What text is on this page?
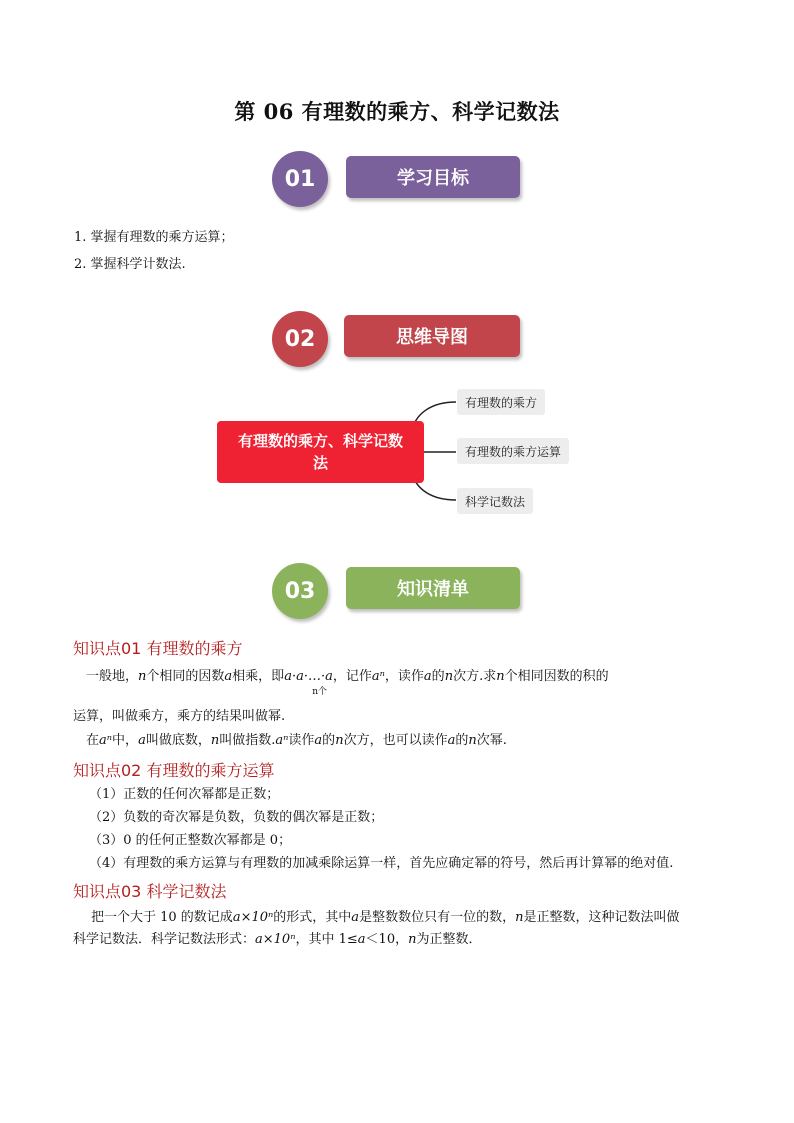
第 06 有理数的乘方、科学记数法
学习目标
01
1. 掌握有理数的乘方运算；
2. 掌握科学计数法.
思维导图
02
有理数的乘方、科学记数法
有理数的乘方
有理数的乘方运算
科学记数法
知识清单
03
知识点01 有理数的乘方
一般地，n个相同的因数a相乘，即a·a·…·a
n个
，记作aⁿ，读作a的n次方.求n个相同因数的积的
运算，叫做乘方，乘方的结果叫做幂.
在aⁿ中，a叫做底数，n叫做指数.aⁿ读作a的n次方，也可以读作a的n次幂.
知识点02 有理数的乘方运算
（1）正数的任何次幂都是正数；
（2）负数的奇次幂是负数，负数的偶次幂是正数；
（3）0 的任何正整数次幂都是 0；
（4）有理数的乘方运算与有理数的加减乘除运算一样，首先应确定幂的符号，然后再计算幂的绝对值.
知识点03 科学记数法
把一个大于 10 的数记成a×10ⁿ的形式，其中a是整数数位只有一位的数，n是正整数，这种记数法叫做
科学记数法．科学记数法形式：a×10ⁿ，其中 1≤a＜10，n为正整数．
